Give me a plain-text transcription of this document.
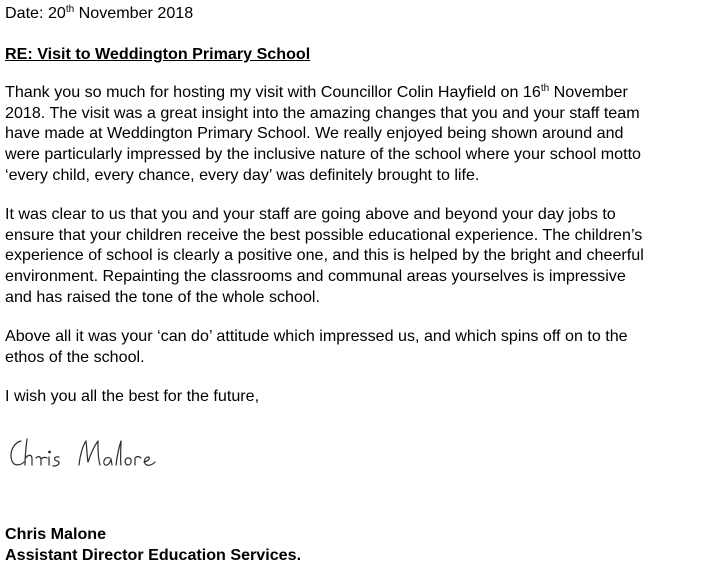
Date: 20th November 2018

RE: Visit to Weddington Primary School

Thank you so much for hosting my visit with Councillor Colin Hayfield on 16th November

2018. The visit was a great insight into the amazing changes that you and your staff team

have made at Weddington Primary School. We really enjoyed being shown around and

were particularly impressed by the inclusive nature of the school where your school motto

‘every child, every chance, every day’ was definitely brought to life.

It was clear to us that you and your staff are going above and beyond your day jobs to

ensure that your children receive the best possible educational experience. The children’s

experience of school is clearly a positive one, and this is helped by the bright and cheerful

environment. Repainting the classrooms and communal areas yourselves is impressive

and has raised the tone of the whole school.

Above all it was your ‘can do’ attitude which impressed us, and which spins off on to the

ethos of the school.

I wish you all the best for the future,

Chris Malone

Assistant Director Education Services.
